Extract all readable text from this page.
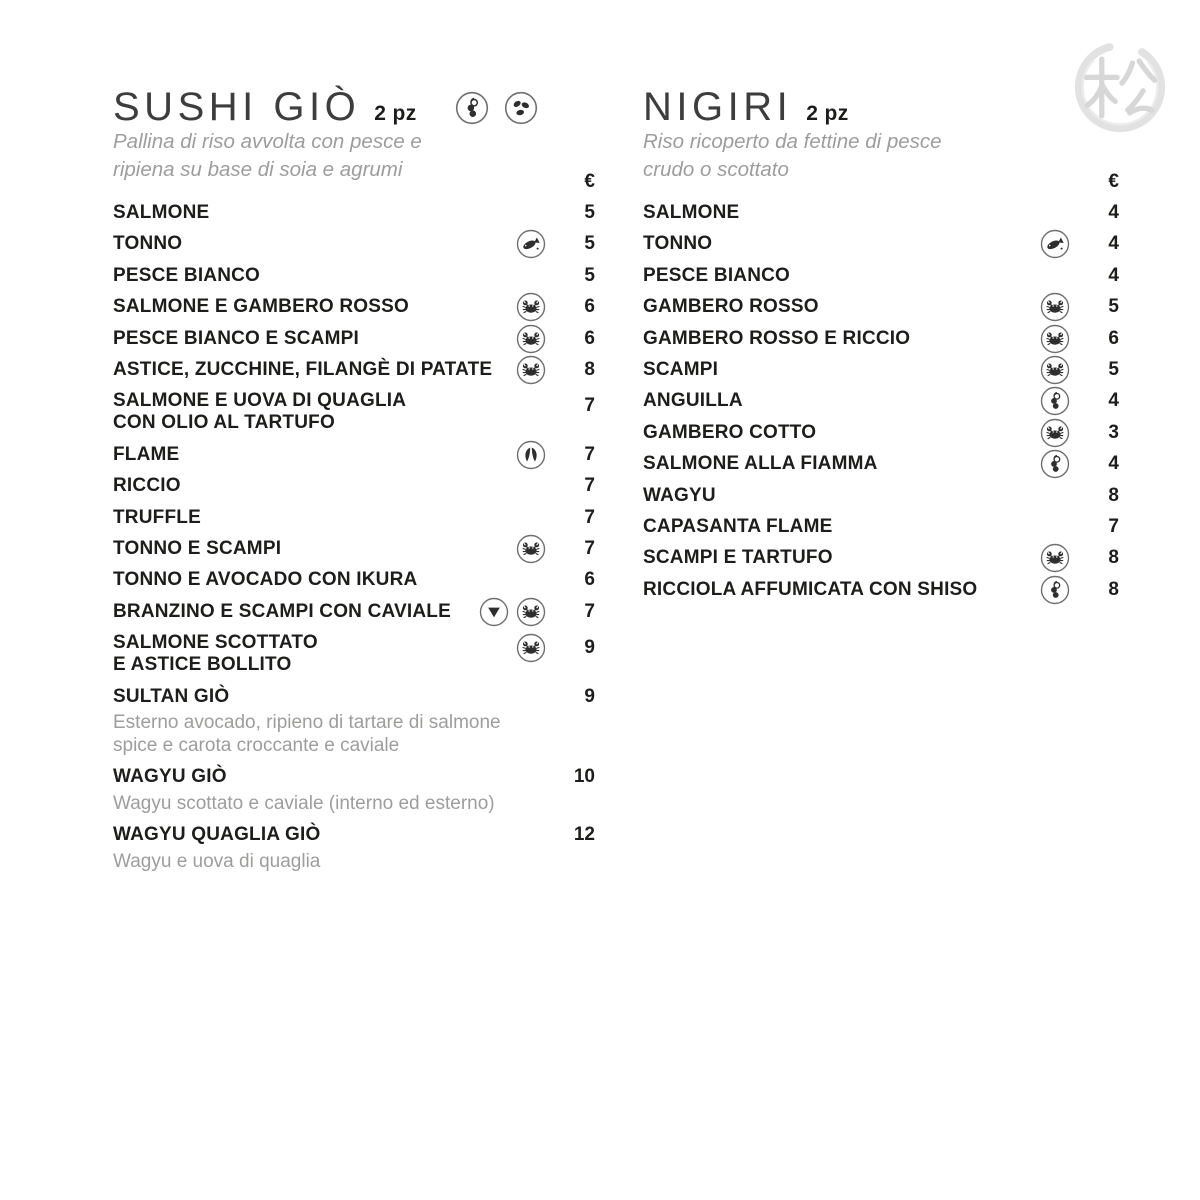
SUSHI GIÒ 2 pz

Pallina di riso avvolta con pesce e
ripiena su base di soia e agrumi

€
SALMONE	5
TONNO	5
PESCE BIANCO	5
SALMONE E GAMBERO ROSSO	6
PESCE BIANCO E SCAMPI	6
ASTICE, ZUCCHINE, FILANGÈ DI PATATE	8
SALMONE E UOVA DI QUAGLIA
CON OLIO AL TARTUFO
7
FLAME	7
RICCIO	7
TRUFFLE	7
TONNO E SCAMPI	7
TONNO E AVOCADO CON IKURA	6
BRANZINO E SCAMPI CON CAVIALE	7
SALMONE SCOTTATO
E ASTICE BOLLITO
9
SULTAN GIÒ
Esterno avocado, ripieno di tartare di salmone
spice e carota croccante e caviale
9
WAGYU GIÒ
Wagyu scottato e caviale (interno ed esterno)
10
WAGYU QUAGLIA GIÒ
Wagyu e uova di quaglia
12
NIGIRI 2 pz

Riso ricoperto da fettine di pesce
crudo o scottato

€
SALMONE	4
TONNO	4
PESCE BIANCO	4
GAMBERO ROSSO	5
GAMBERO ROSSO E RICCIO	6
SCAMPI	5
ANGUILLA	4
GAMBERO COTTO	3
SALMONE ALLA FIAMMA	4
WAGYU	8
CAPASANTA FLAME	7
SCAMPI E TARTUFO	8
RICCIOLA AFFUMICATA CON SHISO	8
